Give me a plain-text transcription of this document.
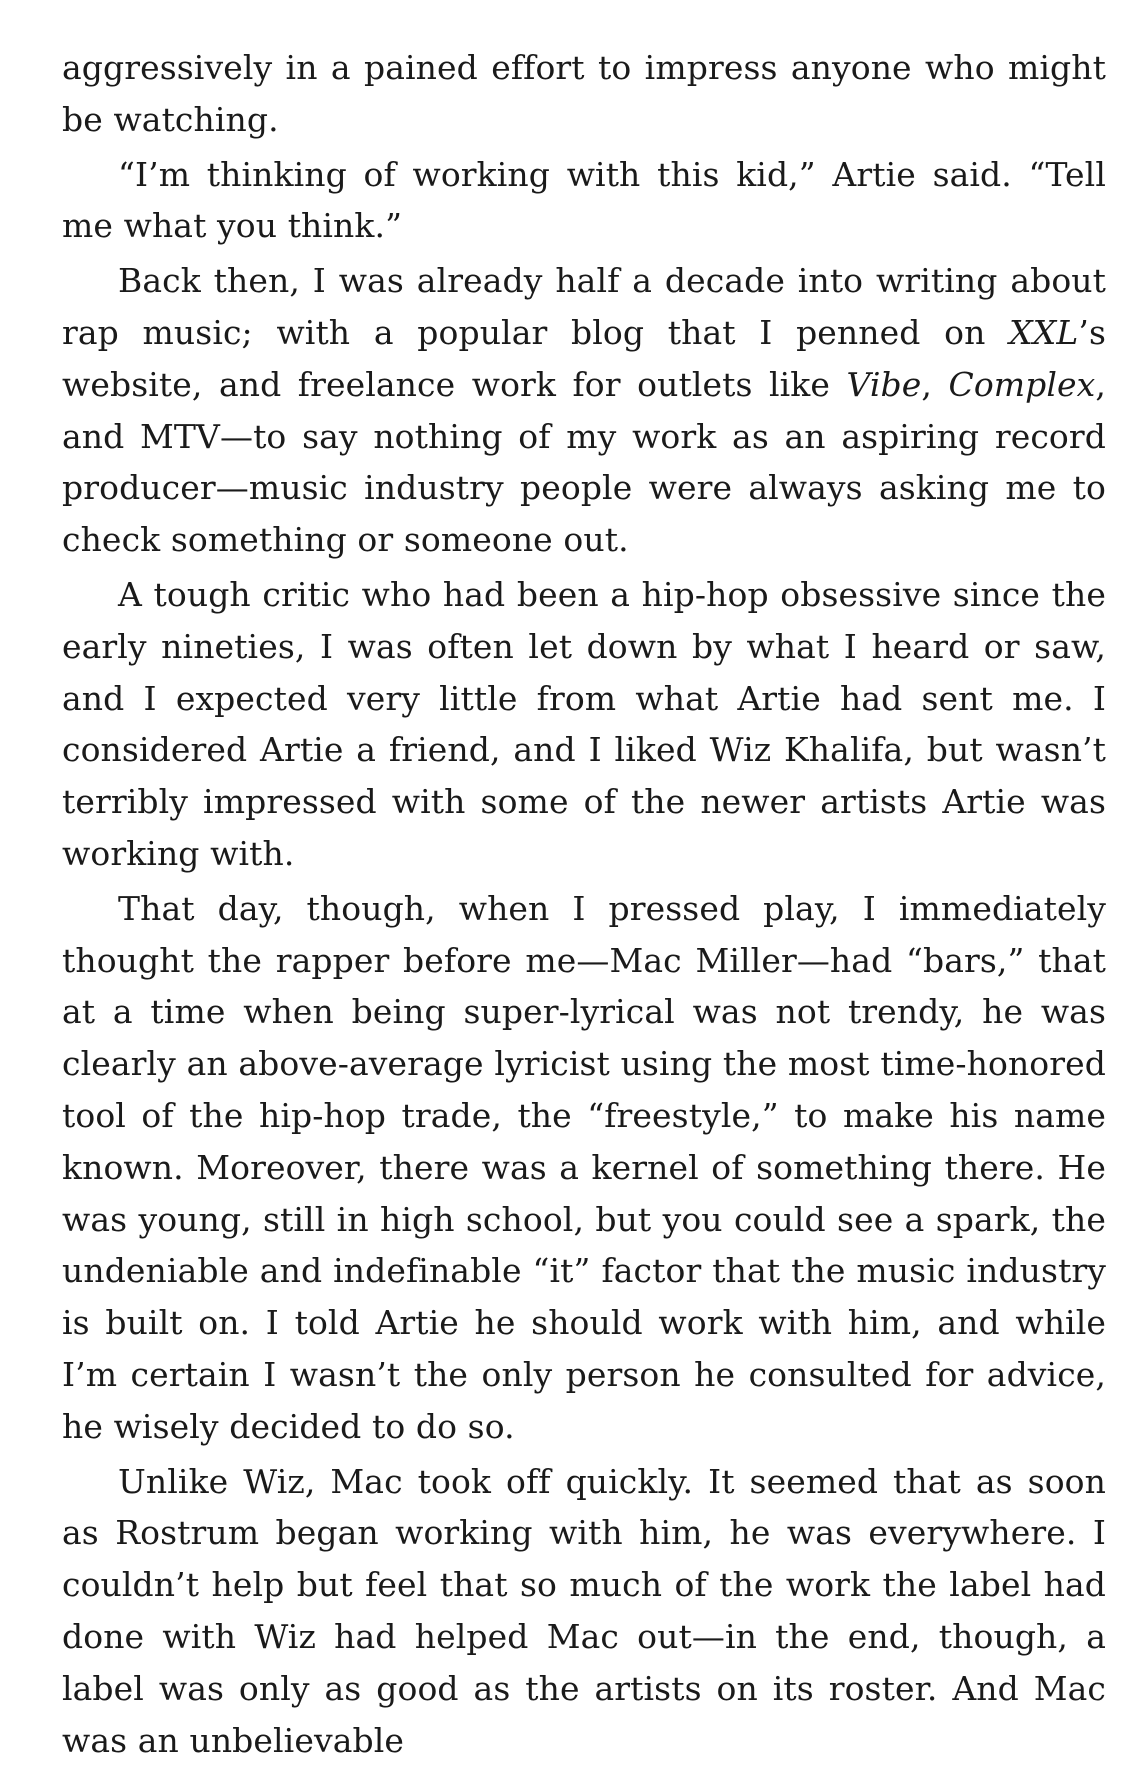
aggressively in a pained effort to impress anyone who might be watching.

“I’m thinking of working with this kid,” Artie said. “Tell me what you think.”

Back then, I was already half a decade into writing about rap music; with a popular blog that I penned on XXL’s website, and freelance work for outlets like Vibe, Complex, and MTV—to say nothing of my work as an aspiring record producer—music industry people were always asking me to check something or someone out.

A tough critic who had been a hip-hop obsessive since the early nineties, I was often let down by what I heard or saw, and I expected very little from what Artie had sent me. I considered Artie a friend, and I liked Wiz Khalifa, but wasn’t terribly impressed with some of the newer artists Artie was working with.

That day, though, when I pressed play, I immediately thought the rapper before me—Mac Miller—had “bars,” that at a time when being super-lyrical was not trendy, he was clearly an above-average lyricist using the most time-honored tool of the hip-hop trade, the “freestyle,” to make his name known. Moreover, there was a kernel of something there. He was young, still in high school, but you could see a spark, the undeniable and indefinable “it” factor that the music industry is built on. I told Artie he should work with him, and while I’m certain I wasn’t the only person he consulted for advice, he wisely decided to do so.

Unlike Wiz, Mac took off quickly. It seemed that as soon as Rostrum began working with him, he was everywhere. I couldn’t help but feel that so much of the work the label had done with Wiz had helped Mac out—in the end, though, a label was only as good as the artists on its roster. And Mac was an unbelievable
